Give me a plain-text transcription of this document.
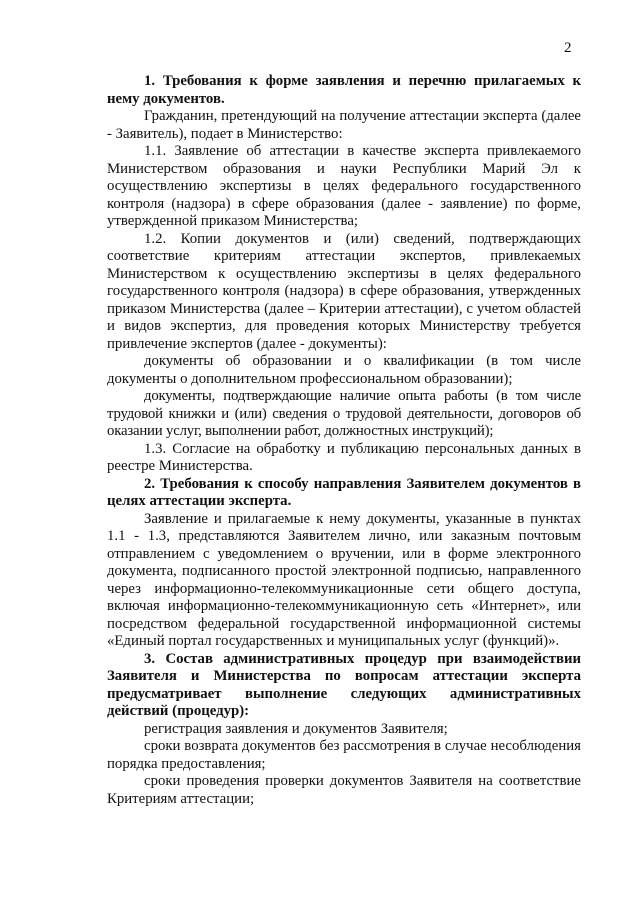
2

1. Требования к форме заявления и перечню прилагаемых к нему документов.

Гражданин, претендующий на получение аттестации эксперта (далее - Заявитель), подает в Министерство:

1.1. Заявление об аттестации в качестве эксперта привлекаемого Министерством образования и науки Республики Марий Эл к осуществлению экспертизы в целях федерального государственного контроля (надзора) в сфере образования (далее - заявление) по форме, утвержденной приказом Министерства;

1.2. Копии документов и (или) сведений, подтверждающих соответствие критериям аттестации экспертов, привлекаемых Министерством к осуществлению экспертизы в целях федерального государственного контроля (надзора) в сфере образования, утвержденных приказом Министерства (далее – Критерии аттестации), с учетом областей и видов экспертиз, для проведения которых Министерству требуется привлечение экспертов (далее - документы):

документы об образовании и о квалификации (в том числе документы о дополнительном профессиональном образовании);

документы, подтверждающие наличие опыта работы (в том числе трудовой книжки и (или) сведения о трудовой деятельности, договоров об оказании услуг, выполнении работ, должностных инструкций);

1.3. Согласие на обработку и публикацию персональных данных в реестре Министерства.

2. Требования к способу направления Заявителем документов в целях аттестации эксперта.

Заявление и прилагаемые к нему документы, указанные в пунктах 1.1 - 1.3, представляются Заявителем лично, или заказным почтовым отправлением с уведомлением о вручении, или в форме электронного документа, подписанного простой электронной подписью, направленного через информационно-телекоммуникационные сети общего доступа, включая информационно-телекоммуникационную сеть «Интернет», или посредством федеральной государственной информационной системы «Единый портал государственных и муниципальных услуг (функций)».

3. Состав административных процедур при взаимодействии Заявителя и Министерства по вопросам аттестации эксперта предусматривает выполнение следующих административных действий (процедур):

регистрация заявления и документов Заявителя;

сроки возврата документов без рассмотрения в случае несоблюдения порядка предоставления;

сроки проведения проверки документов Заявителя на соответствие Критериям аттестации;
